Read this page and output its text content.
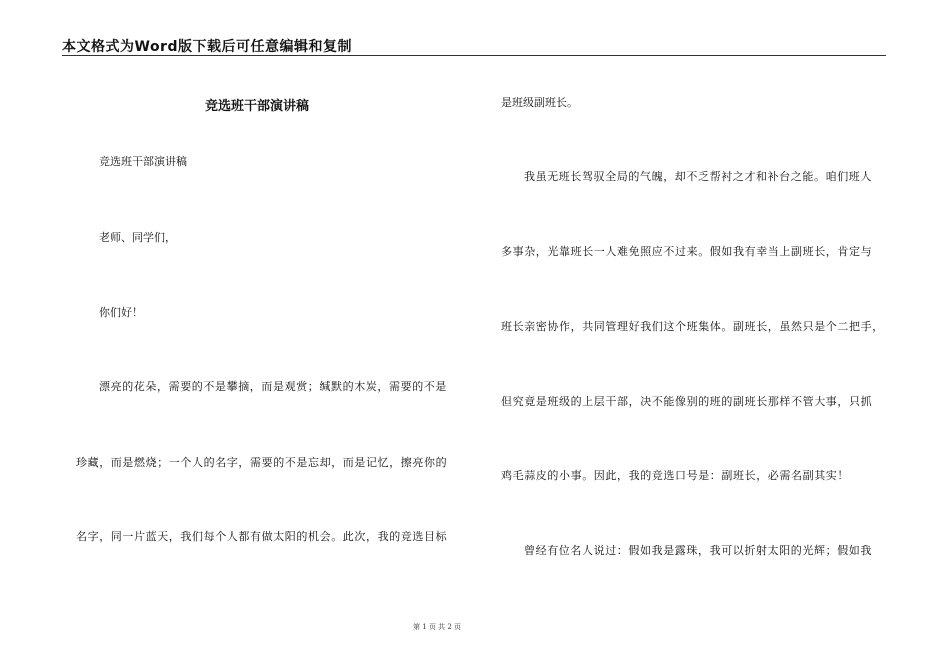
本文格式为Word版下载后可任意编辑和复制
竞选班干部演讲稿
竞选班干部演讲稿
老师、同学们，
你们好！
漂亮的花朵，需要的不是攀摘，而是观赏；缄默的木炭，需要的不是
珍藏，而是燃烧；一个人的名字，需要的不是忘却，而是记忆，擦亮你的
名字，同一片蓝天，我们每个人都有做太阳的机会。此次，我的竞选目标
是班级副班长。
我虽无班长驾驭全局的气魄，却不乏帮衬之才和补台之能。咱们班人
多事杂，光靠班长一人难免照应不过来。假如我有幸当上副班长，肯定与
班长亲密协作，共同管理好我们这个班集体。副班长，虽然只是个二把手，
但究竟是班级的上层干部，决不能像别的班的副班长那样不管大事，只抓
鸡毛蒜皮的小事。因此，我的竞选口号是：副班长，必需名副其实！
曾经有位名人说过：假如我是露珠，我可以折射太阳的光辉；假如我
第 1 页 共 2 页
